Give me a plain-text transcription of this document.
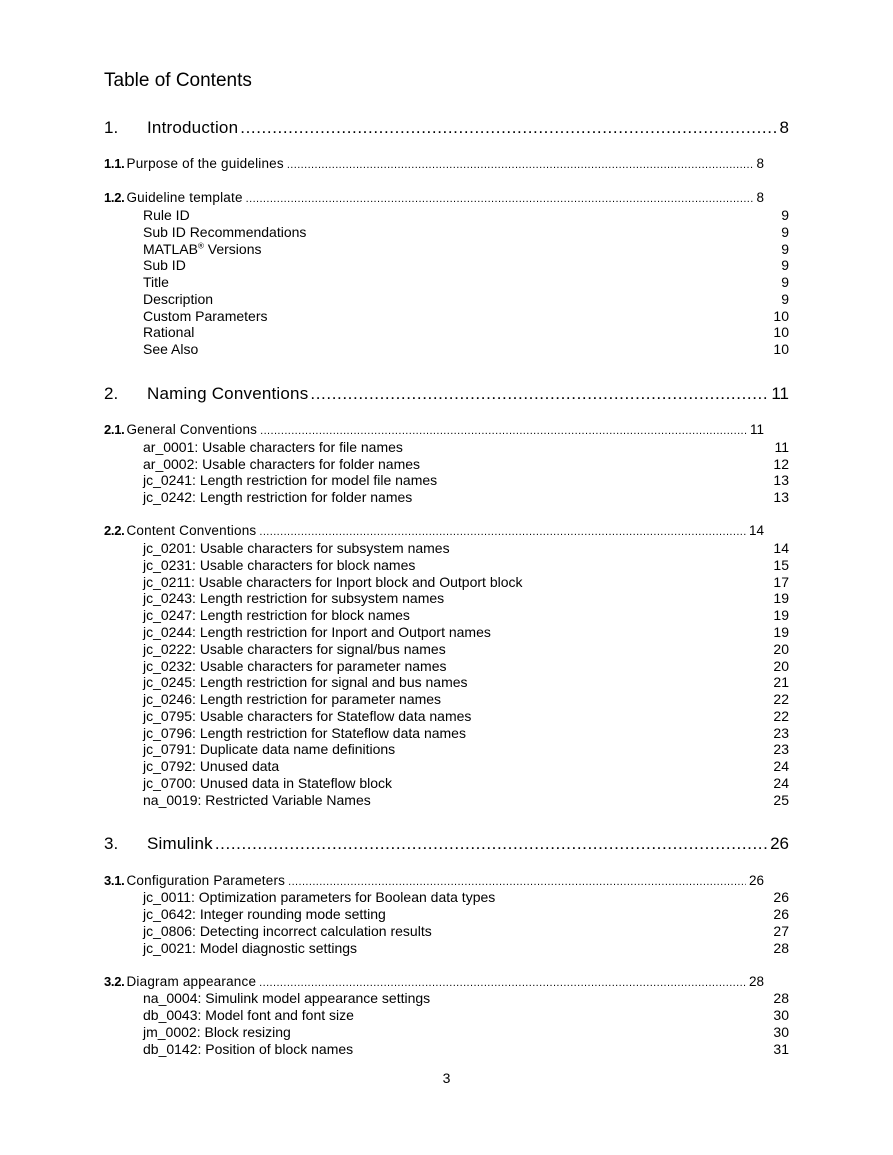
Table of Contents
1.	Introduction .....	8
1.1. Purpose of the guidelines .....	8
1.2. Guideline template .....	8
Rule ID	9
Sub ID Recommendations	9
MATLAB® Versions	9
Sub ID	9
Title	9
Description	9
Custom Parameters	10
Rational	10
See Also	10
2.	Naming Conventions .....	11
2.1. General Conventions .....	11
ar_0001: Usable characters for file names	11
ar_0002: Usable characters for folder names	12
jc_0241: Length restriction for model file names	13
jc_0242: Length restriction for folder names	13
2.2. Content Conventions .....	14
jc_0201: Usable characters for subsystem names	14
jc_0231: Usable characters for block names	15
jc_0211: Usable characters for Inport block and Outport block	17
jc_0243: Length restriction for subsystem names	19
jc_0247: Length restriction for block names	19
jc_0244: Length restriction for Inport and Outport names	19
jc_0222: Usable characters for signal/bus names	20
jc_0232: Usable characters for parameter names	20
jc_0245: Length restriction for signal and bus names	21
jc_0246: Length restriction for parameter names	22
jc_0795: Usable characters for Stateflow data names	22
jc_0796: Length restriction for Stateflow data names	23
jc_0791: Duplicate data name definitions	23
jc_0792: Unused data	24
jc_0700: Unused data in Stateflow block	24
na_0019: Restricted Variable Names	25
3.	Simulink .....	26
3.1. Configuration Parameters .....	26
jc_0011: Optimization parameters for Boolean data types	26
jc_0642: Integer rounding mode setting	26
jc_0806: Detecting incorrect calculation results	27
jc_0021: Model diagnostic settings	28
3.2. Diagram appearance .....	28
na_0004: Simulink model appearance settings	28
db_0043: Model font and font size	30
jm_0002: Block resizing	30
db_0142: Position of block names	31
3
